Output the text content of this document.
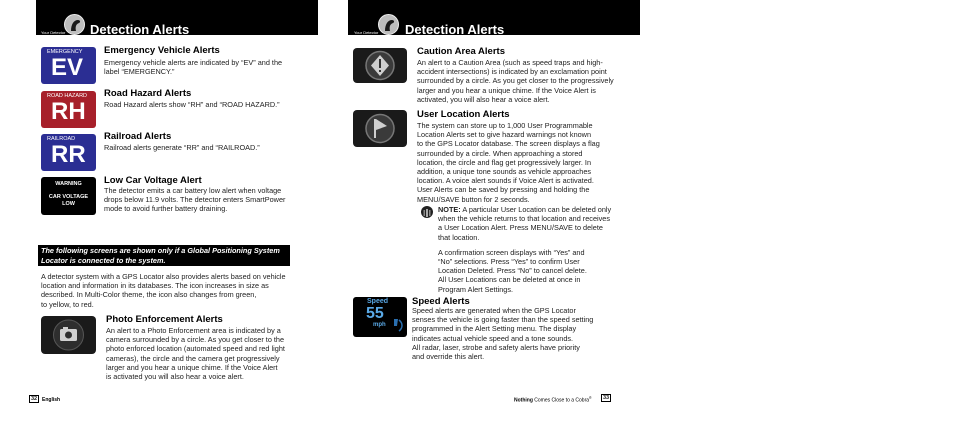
Your Detector Detection Alerts
EMERGENCY
EV
Emergency Vehicle Alerts
Emergency vehicle alerts are indicated by “EV” and the
label “EMERGENCY.”
ROAD HAZARD
RH
Road Hazard Alerts
Road Hazard alerts show “RH” and “ROAD HAZARD.”
RAILROAD
RR
Railroad Alerts
Railroad alerts generate “RR” and “RAILROAD.”
WARNING
CAR VOLTAGE
LOW
Low Car Voltage Alert
The detector emits a car battery low alert when voltage
drops below 11.9 volts. The detector enters SmartPower
mode to avoid further battery draining.
The following screens are shown only if a Global Positioning System
Locator is connected to the system.
A detector system with a GPS Locator also provides alerts based on vehicle
location and information in its databases. The icon increases in size as
described. In Multi-Color theme, the icon also changes from green,
to yellow, to red.
Photo Enforcement Alerts
An alert to a Photo Enforcement area is indicated by a
camera surrounded by a circle. As you get closer to the
photo enforced location (automated speed and red light
cameras), the circle and the camera get progressively
larger and you hear a unique chime. If the Voice Alert
is activated you will also hear a voice alert.
32 English
Your Detector Detection Alerts
Caution Area Alerts
An alert to a Caution Area (such as speed traps and high-
accident intersections) is indicated by an exclamation point
surrounded by a circle. As you get closer to the progressively
larger and you hear a unique chime. If the Voice Alert is
activated, you will also hear a voice alert.
User Location Alerts
The system can store up to 1,000 User Programmable
Location Alerts set to give hazard warnings not known
to the GPS Locator database. The screen displays a flag
surrounded by a circle. When approaching a stored
location, the circle and flag get progressively larger. In
addition, a unique tone sounds as vehicle approaches
location. A voice alert sounds if Voice Alert is activated.
User Alerts can be saved by pressing and holding the
MENU/SAVE button for 2 seconds.
NOTE: A particular User Location can be deleted only
when the vehicle returns to that location and receives
a User Location Alert. Press MENU/SAVE to delete
that location.
A confirmation screen displays with “Yes” and
“No” selections. Press “Yes” to confirm User
Location Deleted. Press “No” to cancel delete.
All User Locations can be deleted at once in
Program Alert Settings.
Speed
55
mph
Speed Alerts
Speed alerts are generated when the GPS Locator
senses the vehicle is going faster than the speed setting
programmed in the Alert Setting menu. The display
indicates actual vehicle speed and a tone sounds.
All radar, laser, strobe and safety alerts have priority
and override this alert.
Nothing Comes Close to a Cobra®	33
